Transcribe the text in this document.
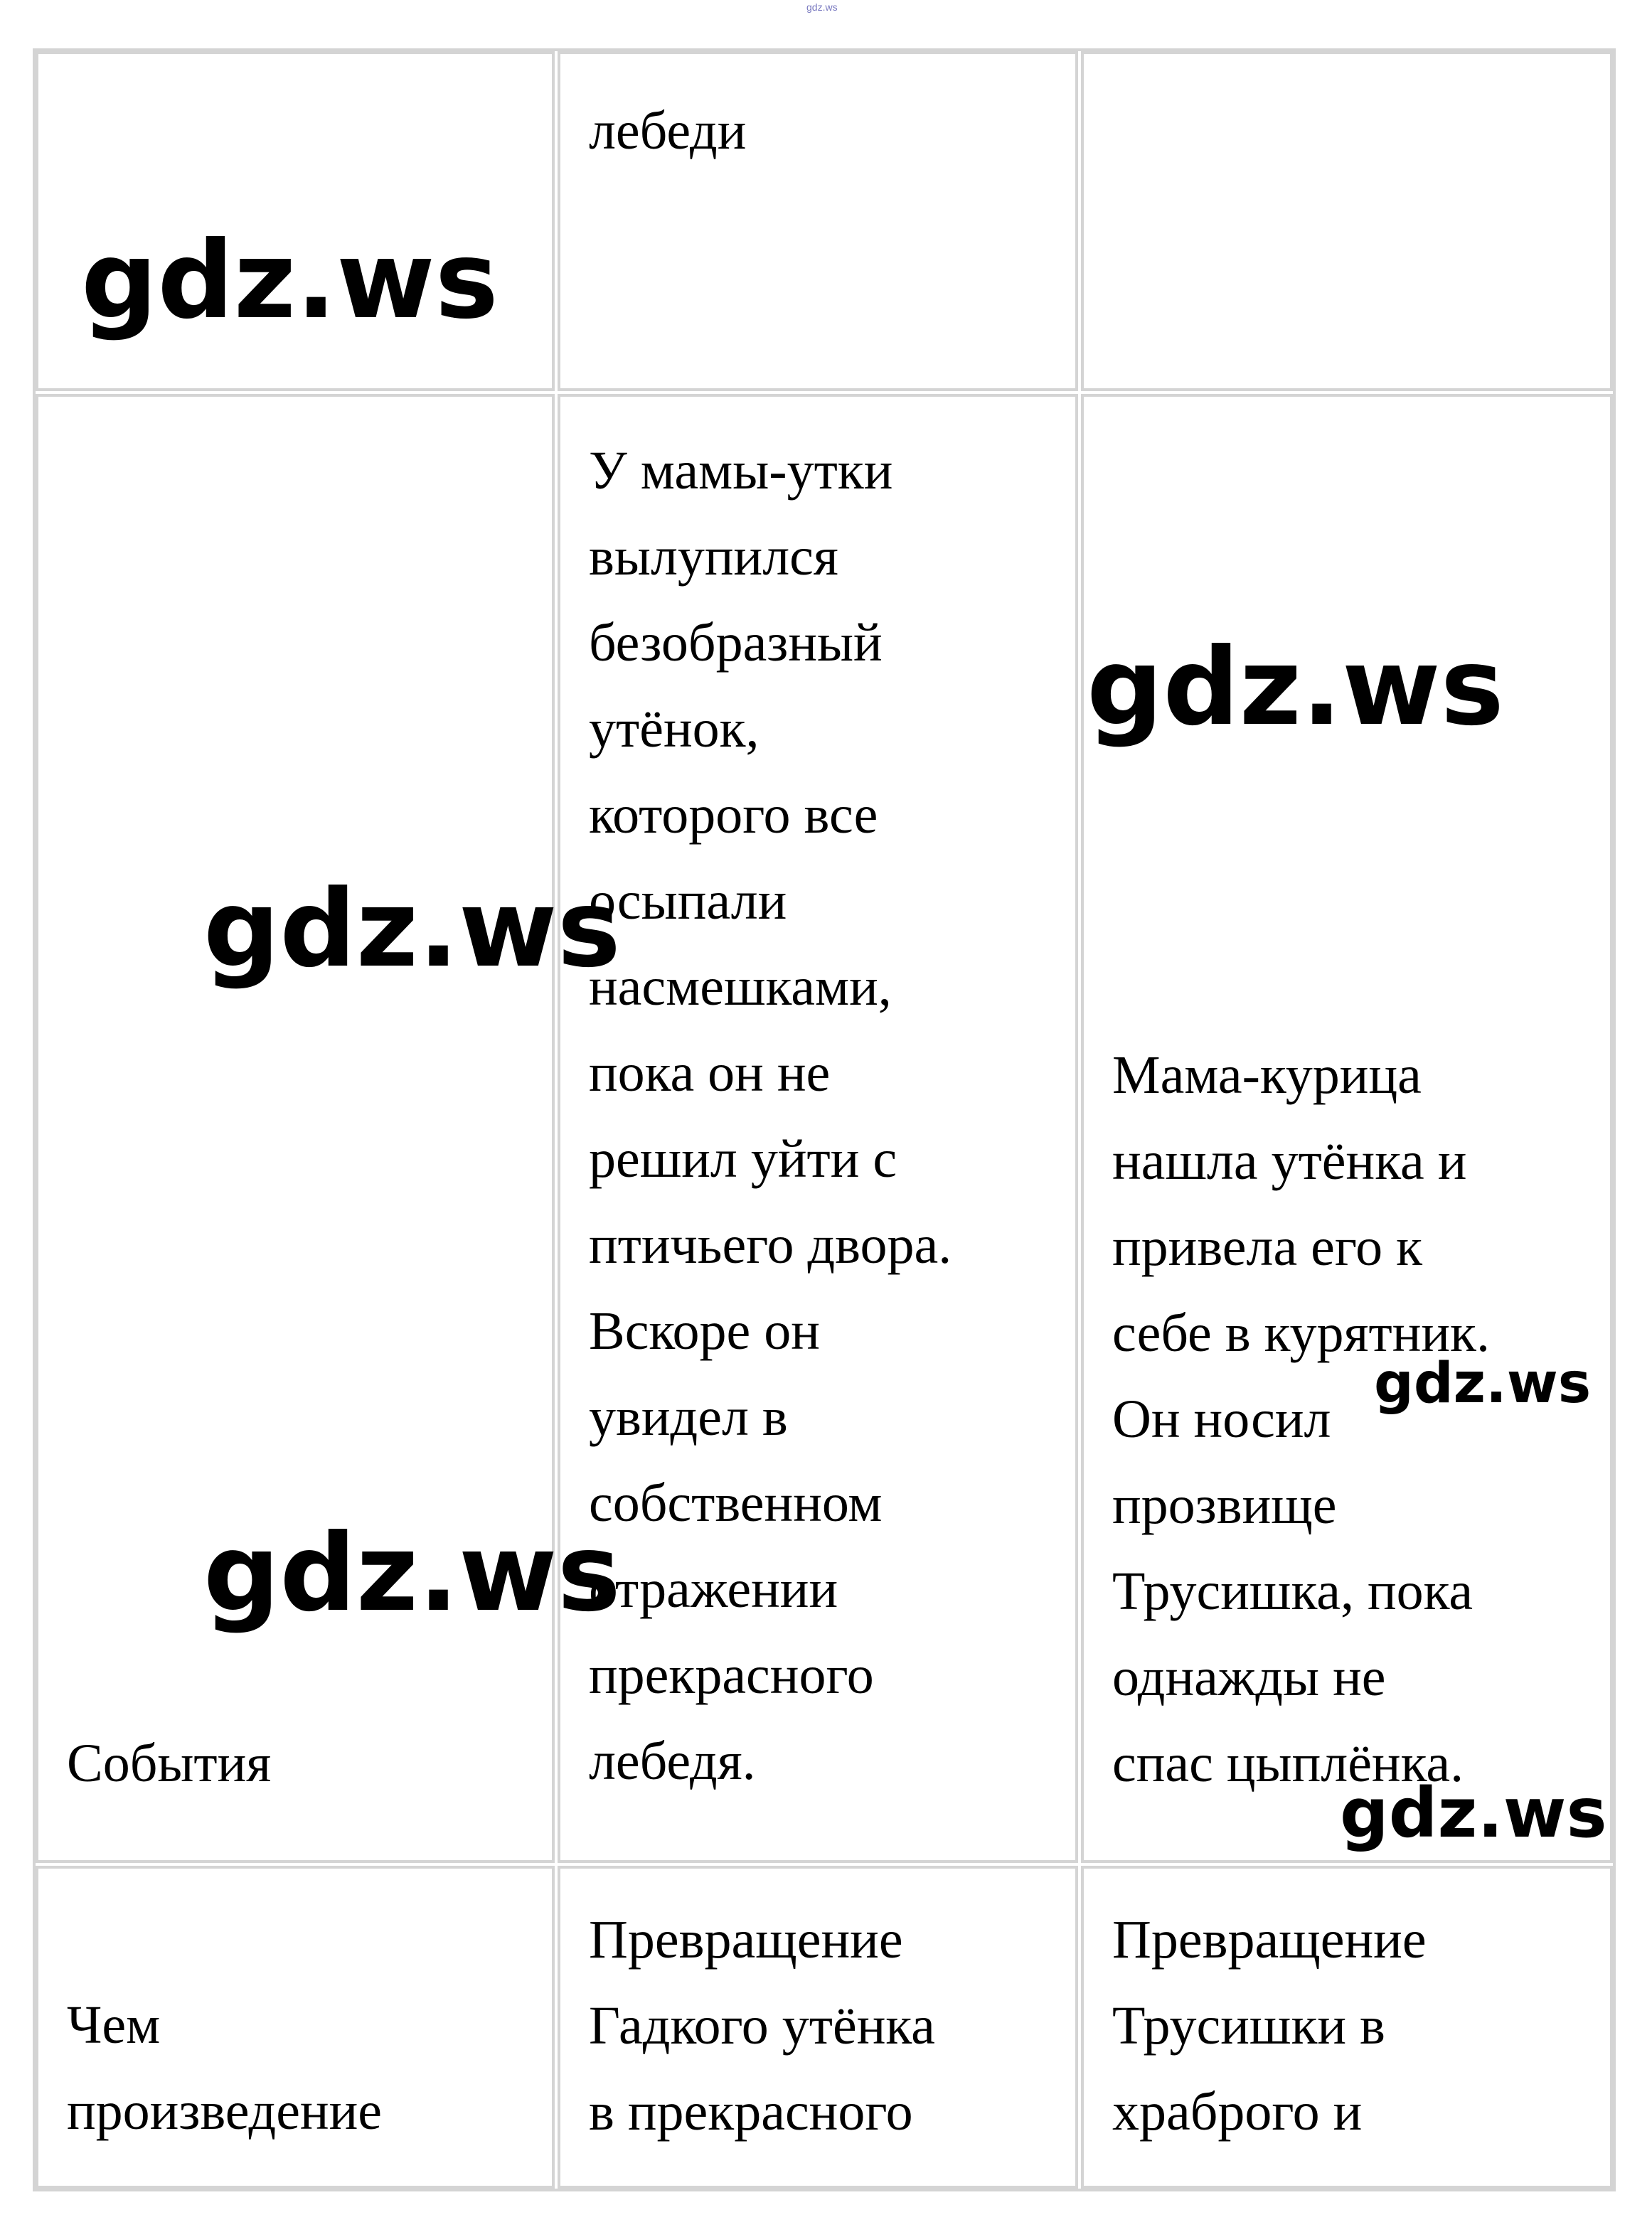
gdz.ws
лебеди
События
У мамы-утки
вылупился
безобразный
утёнок,
которого все
осыпали
насмешками,
пока он не
решил уйти с
птичьего двора.
Вскоре он
увидел в
собственном
отражении
прекрасного
лебедя.
Мама-курица
нашла утёнка и
привела его к
себе в курятник.
Он носил
прозвище
Трусишка, пока
однажды не
спас цыплёнка.
Чем
произведение
Превращение
Гадкого утёнка
в прекрасного
Превращение
Трусишки в
храброго и
gdz.ws
gdz.ws
gdz.ws
gdz.ws
gdz.ws
gdz.ws
